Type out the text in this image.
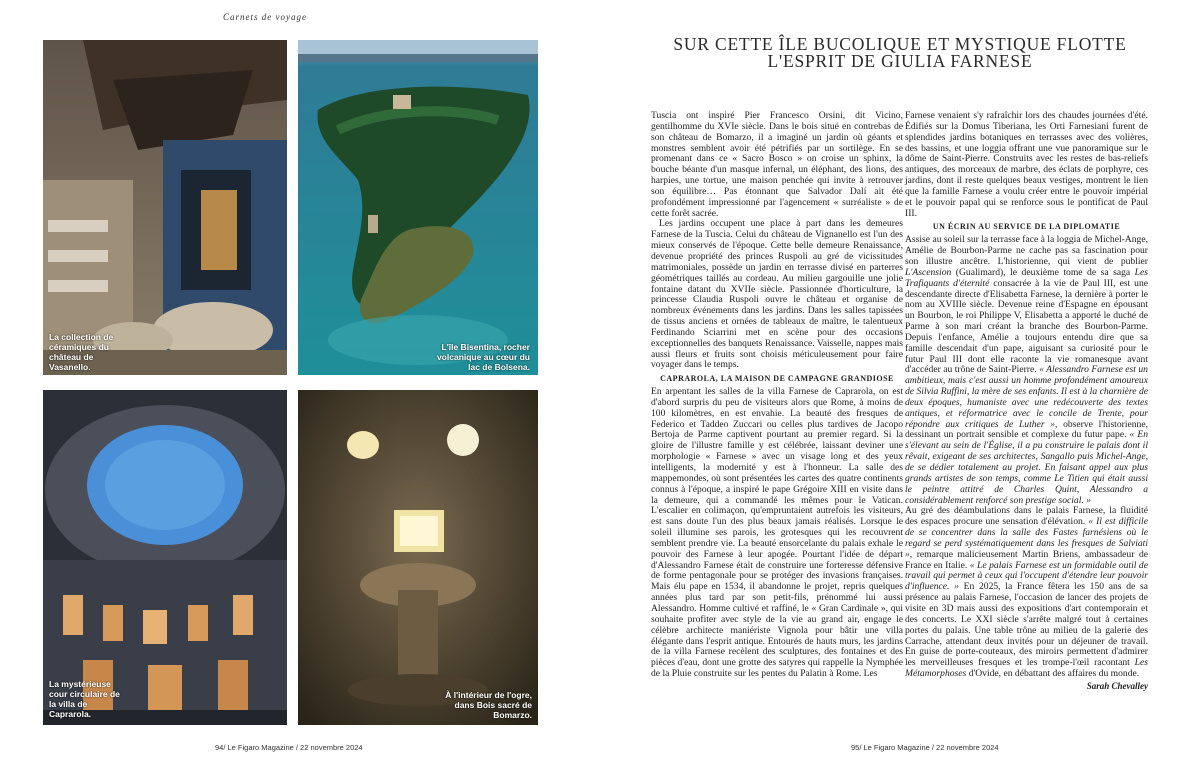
Carnets de voyage
La collection de céramiques du château de Vasanello.
L'île Bisentina, rocher volcanique au cœur du lac de Bolsena.
La mystérieuse cour circulaire de la villa de Caprarola.
À l'intérieur de l'ogre, dans Bois sacré de Bomarzo.
94/ Le Figaro Magazine / 22 novembre 2024	95/ Le Figaro Magazine / 22 novembre 2024
SUR CETTE ÎLE BUCOLIQUE ET MYSTIQUE FLOTTE
L'ESPRIT DE GIULIA FARNESE

Tuscia ont inspiré Pier Francesco Orsini, dit Vicino, gentilhomme du XVIe siècle. Dans le bois situé en contrebas de son château de Bomarzo, il a imaginé un jardin où géants et monstres semblent avoir été pétrifiés par un sortilège. En se promenant dans ce « Sacro Bosco » on croise un sphinx, la bouche béante d'un masque infernal, un éléphant, des lions, des harpies, une tortue, une maison penchée qui invite à retrouver son équilibre… Pas étonnant que Salvador Dalí ait été profondément impressionné par l'agencement « surréaliste » de cette forêt sacrée.

Les jardins occupent une place à part dans les demeures Farnese de la Tuscia. Celui du château de Vignanello est l'un des mieux conservés de l'époque. Cette belle demeure Renaissance, devenue propriété des princes Ruspoli au gré de vicissitudes matrimoniales, possède un jardin en terrasse divisé en parterres géométriques taillés au cordeau. Au milieu gargouille une jolie fontaine datant du XVIIe siècle. Passionnée d'horticulture, la princesse Claudia Ruspoli ouvre le château et organise de nombreux événements dans les jardins. Dans les salles tapissées de tissus anciens et ornées de tableaux de maître, le talentueux Ferdinando Sciarrini met en scène pour des occasions exceptionnelles des banquets Renaissance. Vaisselle, nappes mais aussi fleurs et fruits sont choisis méticuleusement pour faire voyager dans le temps.

CAPRAROLA, LA MAISON DE CAMPAGNE GRANDIOSE

En arpentant les salles de la villa Farnese de Caprarola, on est d'abord surpris du peu de visiteurs alors que Rome, à moins de 100 kilomètres, en est envahie. La beauté des fresques de Federico et Taddeo Zuccari ou celles plus tardives de Jacopo Bertoja de Parme captivent pourtant au premier regard. Si la gloire de l'illustre famille y est célébrée, laissant deviner une morphologie « Farnese » avec un visage long et des yeux intelligents, la modernité y est à l'honneur. La salle des mappemondes, où sont présentées les cartes des quatre continents connus à l'époque, a inspiré le pape Grégoire XIII en visite dans la demeure, qui a commandé les mêmes pour le Vatican. L'escalier en colimaçon, qu'empruntaient autrefois les visiteurs, est sans doute l'un des plus beaux jamais réalisés. Lorsque le soleil illumine ses parois, les grotesques qui les recouvrent semblent prendre vie. La beauté ensorcelante du palais exhale le pouvoir des Farnese à leur apogée. Pourtant l'idée de départ d'Alessandro Farnese était de construire une forteresse défensive de forme pentagonale pour se protéger des invasions françaises. Mais élu pape en 1534, il abandonne le projet, repris quelques années plus tard par son petit-fils, prénommé lui aussi Alessandro. Homme cultivé et raffiné, le « Gran Cardinale », qui souhaite profiter avec style de la vie au grand air, engage le célèbre architecte maniériste Vignola pour bâtir une villa élégante dans l'esprit antique. Entourés de hauts murs, les jardins de la villa Farnese recèlent des sculptures, des fontaines et des pièces d'eau, dont une grotte des satyres qui rappelle la Nymphée de la Pluie construite sur les pentes du Palatin à Rome. Les

Farnese venaient s'y rafraîchir lors des chaudes journées d'été. Édifiés sur la Domus Tiberiana, les Orti Farnesiani furent de splendides jardins botaniques en terrasses avec des volières, des bassins, et une loggia offrant une vue panoramique sur le dôme de Saint-Pierre. Construits avec les restes de bas-reliefs antiques, des morceaux de marbre, des éclats de porphyre, ces jardins, dont il reste quelques beaux vestiges, montrent le lien que la famille Farnese a voulu créer entre le pouvoir impérial et le pouvoir papal qui se renforce sous le pontificat de Paul III.

UN ÉCRIN AU SERVICE DE LA DIPLOMATIE

Assise au soleil sur la terrasse face à la loggia de Michel-Ange, Amélie de Bourbon-Parme ne cache pas sa fascination pour son illustre ancêtre. L'historienne, qui vient de publier L'Ascension (Gualimard), le deuxième tome de sa saga Les Trafiquants d'éternité consacrée à la vie de Paul III, est une descendante directe d'Elisabetta Farnese, la dernière à porter le nom au XVIIIe siècle. Devenue reine d'Espagne en épousant un Bourbon, le roi Philippe V, Elisabetta a apporté le duché de Parme à son mari créant la branche des Bourbon-Parme. Depuis l'enfance, Amélie a toujours entendu dire que sa famille descendait d'un pape, aiguisant sa curiosité pour le futur Paul III dont elle raconte la vie romanesque avant d'accéder au trône de Saint-Pierre. « Alessandro Farnese est un ambitieux, mais c'est aussi un homme profondément amoureux de Silvia Ruffini, la mère de ses enfants. Il est à la charnière de deux époques, humaniste avec une redécouverte des textes antiques, et réformatrice avec le concile de Trente, pour répondre aux critiques de Luther », observe l'historienne, dessinant un portrait sensible et complexe du futur pape. « En s'élevant au sein de l'Église, il a pu construire le palais dont il rêvait, exigeant de ses architectes, Sangallo puis Michel-Ange, de se dédier totalement au projet. En faisant appel aux plus grands artistes de son temps, comme Le Titien qui était aussi le peintre attitré de Charles Quint, Alessandro a considérablement renforcé son prestige social. »

Au gré des déambulations dans le palais Farnese, la fluidité des espaces procure une sensation d'élévation. « Il est difficile de se concentrer dans la salle des Fastes farnésiens où le regard se perd systématiquement dans les fresques de Salviati », remarque malicieusement Martin Briens, ambassadeur de France en Italie. « Le palais Farnese est un formidable outil de travail qui permet à ceux qui l'occupent d'étendre leur pouvoir d'influence. » En 2025, la France fêtera les 150 ans de sa présence au palais Farnese, l'occasion de lancer des projets de visite en 3D mais aussi des expositions d'art contemporain et des concerts. Le XXI siècle s'arrête malgré tout à certaines portes du palais. Une table trône au milieu de la galerie des Carrache, attendant deux invités pour un déjeuner de travail. En guise de porte-couteaux, des miroirs permettent d'admirer les merveilleuses fresques et les trompe-l'œil racontant Les Métamorphoses d'Ovide, en débattant des affaires du monde.

Sarah Chevalley
